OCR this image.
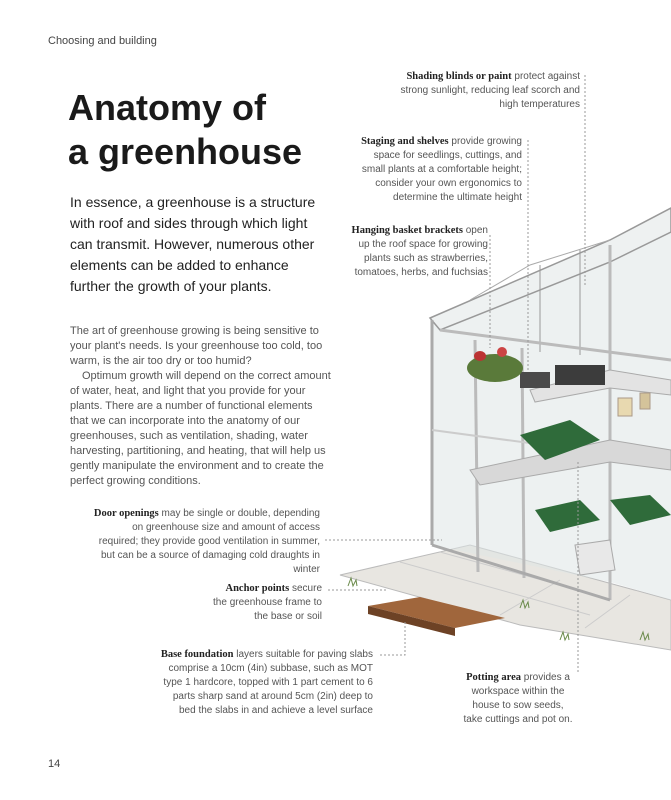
Choosing and building
Anatomy of
a greenhouse
In essence, a greenhouse is a structure with roof and sides through which light can transmit. However, numerous other elements can be added to enhance further the growth of your plants.

The art of greenhouse growing is being sensitive to your plant's needs. Is your greenhouse too cold, too warm, is the air too dry or too humid?

Optimum growth will depend on the correct amount of water, heat, and light that you provide for your plants. There are a number of functional elements that we can incorporate into the anatomy of our greenhouses, such as ventilation, shading, water harvesting, partitioning, and heating, that will help us gently manipulate the environment and to create the perfect growing conditions.

Shading blinds or paint protect against strong sunlight, reducing leaf scorch and high temperatures
Staging and shelves provide growing space for seedlings, cuttings, and small plants at a comfortable height; consider your own ergonomics to determine the ultimate height
Hanging basket brackets open up the roof space for growing plants such as strawberries, tomatoes, herbs, and fuchsias
Door openings may be single or double, depending on greenhouse size and amount of access required; they provide good ventilation in summer, but can be a source of damaging cold draughts in winter
Anchor points secure the greenhouse frame to the base or soil
Base foundation layers suitable for paving slabs comprise a 10cm (4in) subbase, such as MOT type 1 hardcore, topped with 1 part cement to 6 parts sharp sand at around 5cm (2in) deep to bed the slabs in and achieve a level surface
Potting area provides a workspace within the house to sow seeds, take cuttings and pot on.
14
